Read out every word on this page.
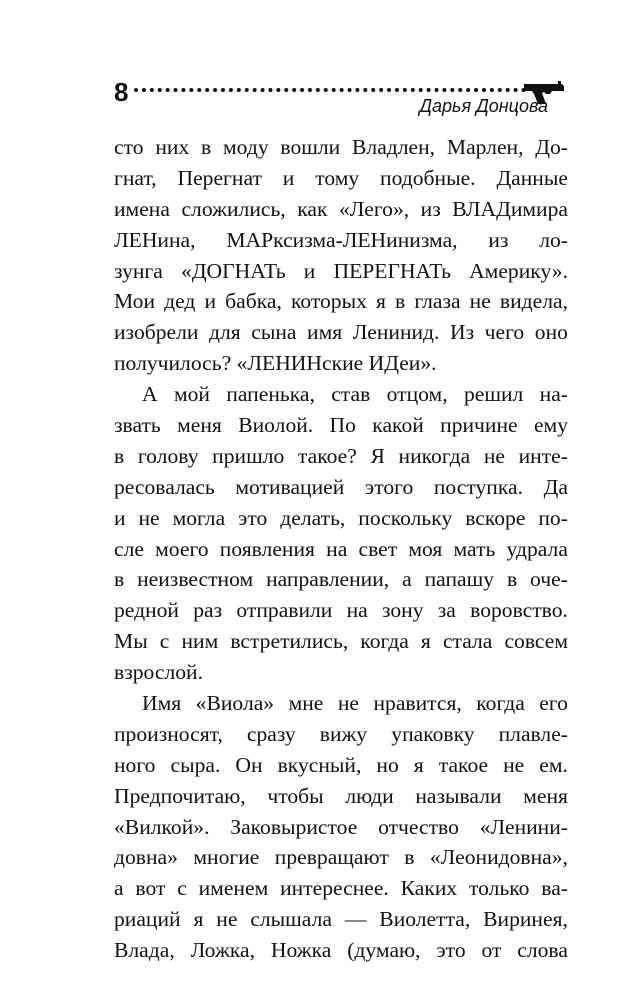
8	Дарья Донцова
сто них в моду вошли Владлен, Марлен, До-
гнат, Перегнат и тому подобные. Данные
имена сложились, как «Лего», из ВЛАДимира
ЛЕНина, МАРксизма-ЛЕНинизма, из ло-
зунга «ДОГНАТь и ПЕРЕГНАТь Америку».
Мои дед и бабка, которых я в глаза не видела,
изобрели для сына имя Ленинид. Из чего оно
получилось? «ЛЕНИНские ИДеи».
А мой папенька, став отцом, решил на-
звать меня Виолой. По какой причине ему
в голову пришло такое? Я никогда не инте-
ресовалась мотивацией этого поступка. Да
и не могла это делать, поскольку вскоре по-
сле моего появления на свет моя мать удрала
в неизвестном направлении, а папашу в оче-
редной раз отправили на зону за воровство.
Мы с ним встретились, когда я стала совсем
взрослой.
Имя «Виола» мне не нравится, когда его
произносят, сразу вижу упаковку плавле-
ного сыра. Он вкусный, но я такое не ем.
Предпочитаю, чтобы люди называли меня
«Вилкой». Заковыристое отчество «Ленини-
довна» многие превращают в «Леонидовна»,
а вот с именем интереснее. Каких только ва-
риаций я не слышала — Виолетта, Виринея,
Влада, Ложка, Ножка (думаю, это от слова
